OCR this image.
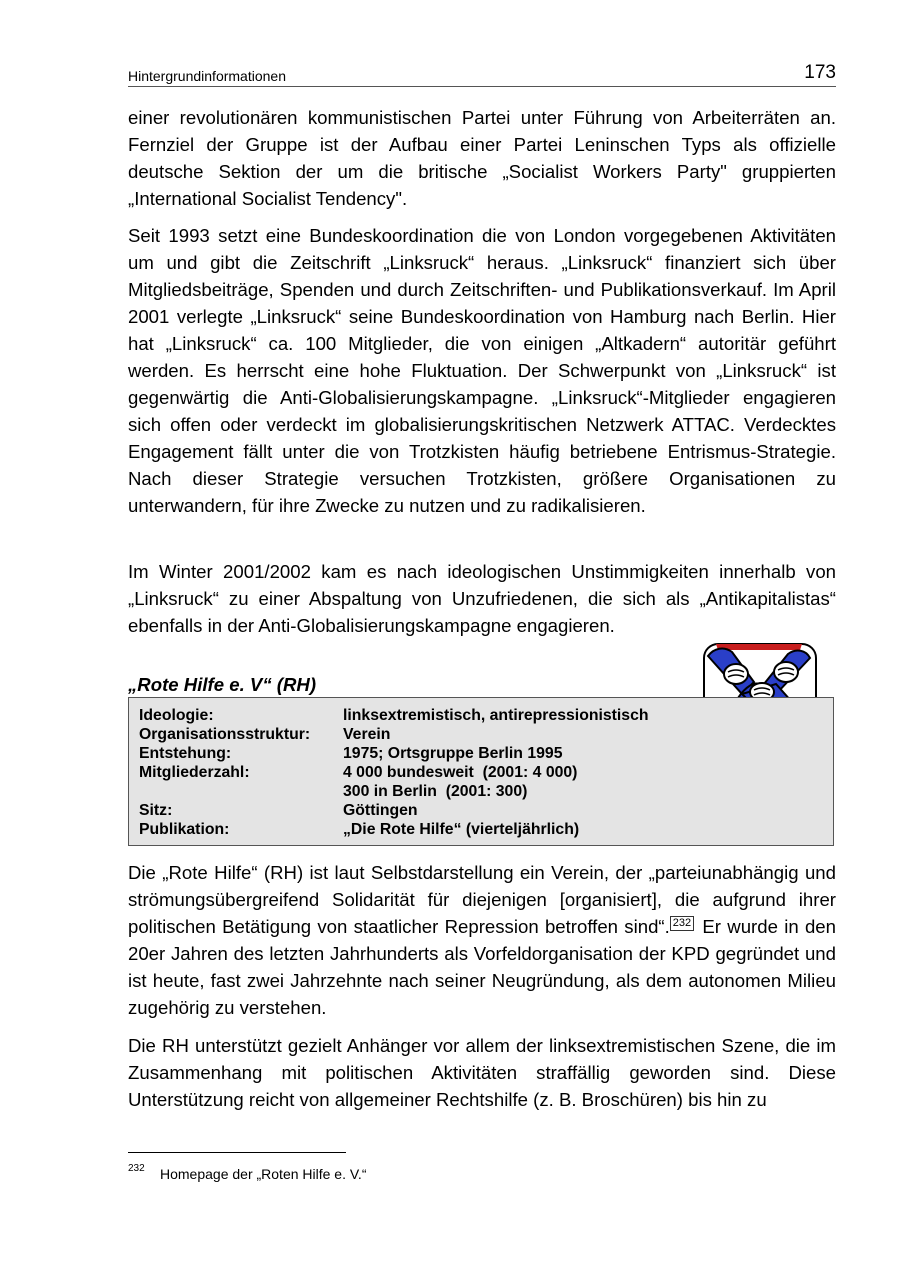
Hintergrundinformationen	173

einer revolutionären kommunistischen Partei unter Führung von Arbeiterräten an. Fernziel der Gruppe ist der Aufbau einer Partei Leninschen Typs als offizielle deutsche Sektion der um die britische „Socialist Workers Party" gruppierten „International Socialist Tendency".

Seit 1993 setzt eine Bundeskoordination die von London vorgegebenen Aktivitäten um und gibt die Zeitschrift „Linksruck“ heraus. „Linksruck“ finanziert sich über Mitgliedsbeiträge, Spenden und durch Zeitschriften- und Publikationsverkauf. Im April 2001 verlegte „Linksruck“ seine Bundeskoordination von Hamburg nach Berlin. Hier hat „Linksruck“ ca. 100 Mitglieder, die von einigen „Altkadern“ autoritär geführt werden. Es herrscht eine hohe Fluktuation. Der Schwerpunkt von „Linksruck“ ist gegenwärtig die Anti-Globalisierungskampagne. „Linksruck“-Mitglieder engagieren sich offen oder verdeckt im globalisierungskritischen Netzwerk ATTAC. Verdecktes Engagement fällt unter die von Trotzkisten häufig betriebene Entrismus-Strategie. Nach dieser Strategie versuchen Trotzkisten, größere Organisationen zu unterwandern, für ihre Zwecke zu nutzen und zu radikalisieren.

Im Winter 2001/2002 kam es nach ideologischen Unstimmigkeiten innerhalb von „Linksruck“ zu einer Abspaltung von Unzufriedenen, die sich als „Antikapitalistas“ ebenfalls in der Anti-Globalisierungskampagne engagieren.

„Rote Hilfe e. V“ (RH)

Ideologie:	linksextremistisch, antirepressionistisch
Organisationsstruktur: Verein
Entstehung:	1975; Ortsgruppe Berlin 1995
Mitgliederzahl:	4 000 bundesweit  (2001: 4 000)
300 in Berlin  (2001: 300)
Sitz:	Göttingen
Publikation:	„Die Rote Hilfe“ (vierteljährlich)

Die „Rote Hilfe“ (RH) ist laut Selbstdarstellung ein Verein, der „parteiunabhängig und strömungsübergreifend Solidarität für diejenigen [organisiert], die aufgrund ihrer politischen Betätigung von staatlicher Repression betroffen sind“. 232 Er wurde in den 20er Jahren des letzten Jahrhunderts als Vorfeldorganisation der KPD gegründet und ist heute, fast zwei Jahrzehnte nach seiner Neugründung, als dem autonomen Milieu zugehörig zu verstehen.

Die RH unterstützt gezielt Anhänger vor allem der linksextremistischen Szene, die im Zusammenhang mit politischen Aktivitäten straffällig geworden sind. Diese Unterstützung reicht von allgemeiner Rechtshilfe (z. B. Broschüren) bis hin zu

232 Homepage der „Roten Hilfe e. V.“
